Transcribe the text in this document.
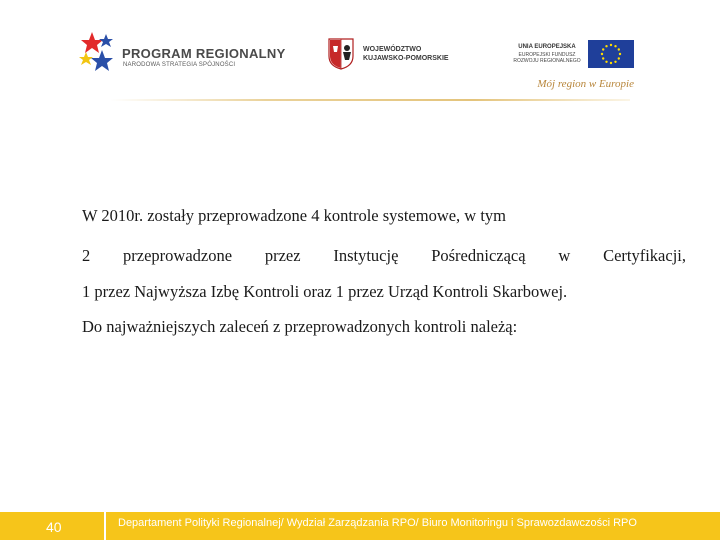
PROGRAM REGIONALNY
NARODOWA STRATEGIA SPÓJNOŚCI
WOJEWÓDZTWO
KUJAWSKO-POMORSKIE
UNIA EUROPEJSKA
EUROPEJSKI FUNDUSZ
ROZWOJU REGIONALNEGO
Mój region w Europie

W 2010r. zostały przeprowadzone 4 kontrole systemowe, w tym

2 przeprowadzone przez Instytucję Pośredniczącą w Certyfikacji,

1 przez Najwyższa Izbę Kontroli oraz 1 przez Urząd Kontroli Skarbowej.

Do najważniejszych zaleceń z przeprowadzonych kontroli należą:

40	Departament Polityki Regionalnej/ Wydział Zarządzania RPO/ Biuro Monitoringu i Sprawozdawczości RPO
